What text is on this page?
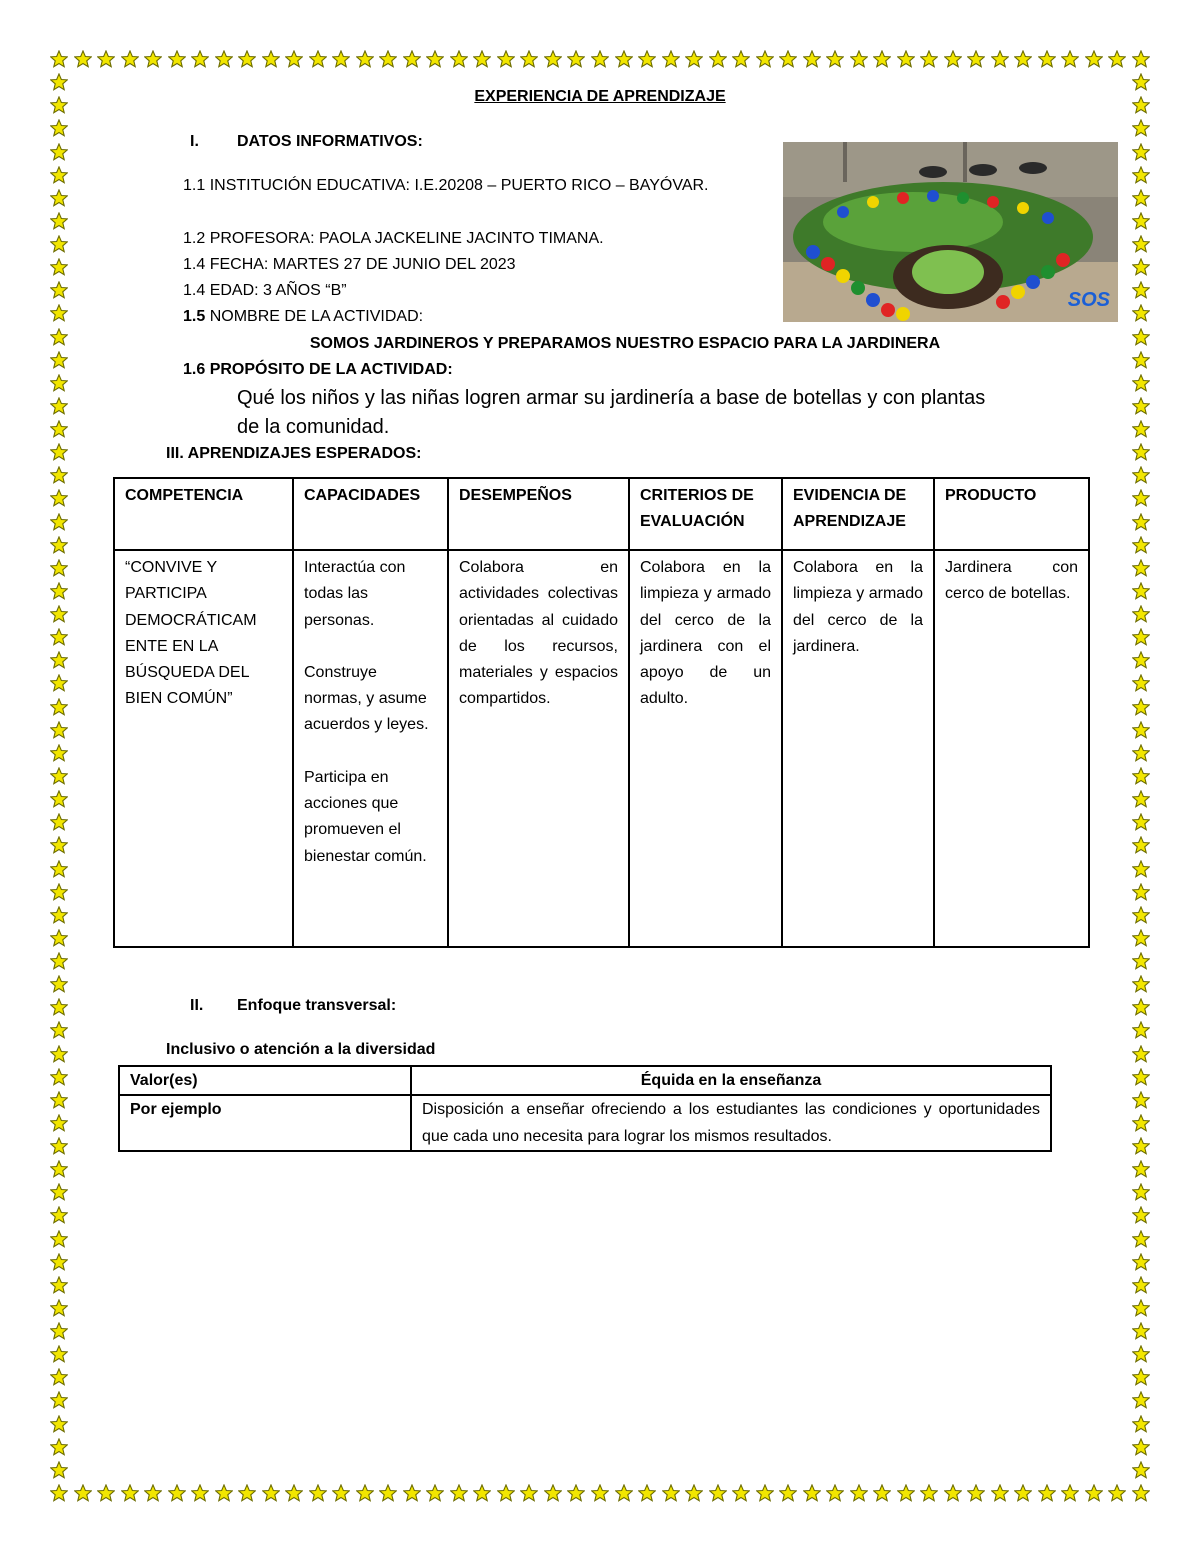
EXPERIENCIA DE APRENDIZAJE
I. DATOS INFORMATIVOS:
1.1 INSTITUCIÓN EDUCATIVA: I.E.20208 – PUERTO RICO – BAYÓVAR.
1.2 PROFESORA: PAOLA JACKELINE JACINTO TIMANA.
1.4 FECHA: MARTES 27 DE JUNIO DEL 2023
1.4 EDAD: 3 AÑOS “B”
1.5 NOMBRE DE LA ACTIVIDAD:
SOMOS JARDINEROS Y PREPARAMOS NUESTRO ESPACIO PARA LA JARDINERA
1.6 PROPÓSITO DE LA ACTIVIDAD:
Qué los niños y las niñas logren armar su jardinería a base de botellas y con plantas
de la comunidad.
SOS
III. APRENDIZAJES ESPERADOS:
COMPETENCIA	CAPACIDADES	DESEMPEÑOS	CRITERIOS DE EVALUACIÓN	EVIDENCIA DE APRENDIZAJE	PRODUCTO
“CONVIVE Y PARTICIPA DEMOCRÁTICAM ENTE EN LA BÚSQUEDA DEL BIEN COMÚN”	Interactúa con todas las personas.
Construye normas, y asume acuerdos y leyes.
Participa en acciones que promueven el bienestar común.	Colabora en actividades colectivas orientadas al cuidado de los recursos, materiales y espacios compartidos.	Colabora en la limpieza y armado del cerco de la jardinera con el apoyo de un adulto.	Colabora en la limpieza y armado del cerco de la jardinera.	Jardinera con cerco de botellas.
II. Enfoque transversal:
Inclusivo o atención a la diversidad
Valor(es)	Équida en la enseñanza
Por ejemplo	Disposición a enseñar ofreciendo a los estudiantes las condiciones y oportunidades que cada uno necesita para lograr los mismos resultados.
